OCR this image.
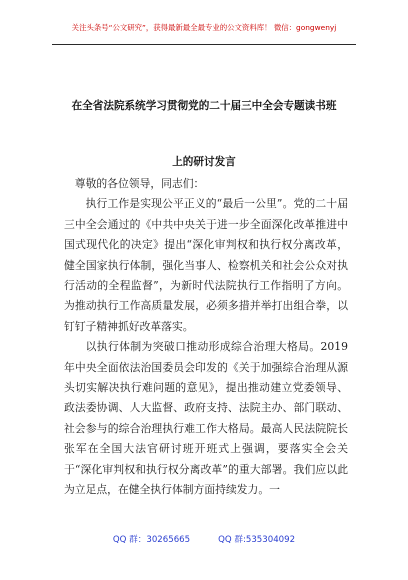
关注头条号“公文研究”，获得最新最全最专业的公文资料库！ 微信：gongwenyj
在全省法院系统学习贯彻党的二十届三中全会专题读书班
上的研讨发言

尊敬的各位领导，同志们：

执行工作是实现公平正义的“最后一公里”。党的二十届三中全会通过的《中共中央关于进一步全面深化改革推进中国式现代化的决定》提出“深化审判权和执行权分离改革，健全国家执行体制，强化当事人、检察机关和社会公众对执行活动的全程监督”，为新时代法院执行工作指明了方向。为推动执行工作高质量发展，必须多措并举打出组合拳，以钉钉子精神抓好改革落实。

以执行体制为突破口推动形成综合治理大格局。2019年中央全面依法治国委员会印发的《关于加强综合治理从源头切实解决执行难问题的意见》，提出推动建立党委领导、政法委协调、人大监督、政府支持、法院主办、部门联动、社会参与的综合治理执行难工作大格局。最高人民法院院长张军在全国大法官研讨班开班式上强调，要落实全会关于“深化审判权和执行权分离改革”的重大部署。我们应以此为立足点，在健全执行体制方面持续发力。一

QQ 群：30265665	QQ 群:535304092
